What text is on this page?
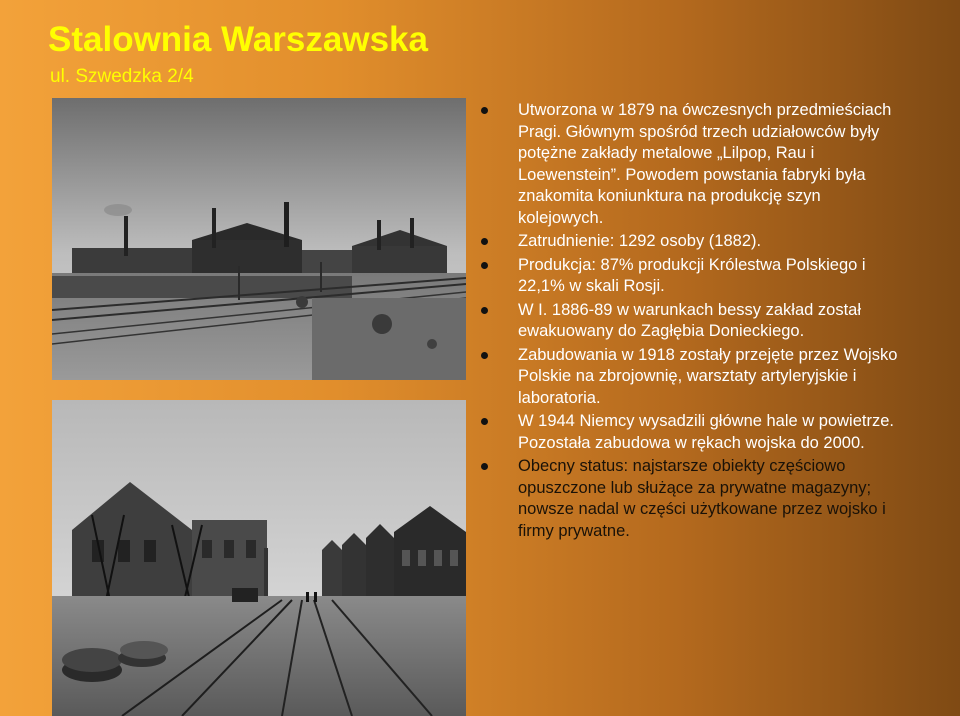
Stalownia Warszawska
ul. Szwedzka 2/4
Utworzona w 1879 na ówczesnych przedmieściach Pragi. Głównym spośród trzech udziałowców były potężne zakłady metalowe „Lilpop, Rau i Loewenstein”. Powodem powstania fabryki była znakomita koniunktura na produkcję szyn kolejowych.
Zatrudnienie: 1292 osoby (1882).
Produkcja: 87% produkcji Królestwa Polskiego i 22,1% w skali Rosji.
W I. 1886-89 w warunkach bessy zakład został ewakuowany do Zagłębia Donieckiego.
Zabudowania w 1918 zostały przejęte przez Wojsko Polskie na zbrojownię, warsztaty artyleryjskie i laboratoria.
W 1944 Niemcy wysadzili główne hale w powietrze. Pozostała zabudowa w rękach wojska do 2000.
Obecny status: najstarsze obiekty częściowo opuszczone lub służące za prywatne magazyny; nowsze nadal w części użytkowane przez wojsko i firmy prywatne.
